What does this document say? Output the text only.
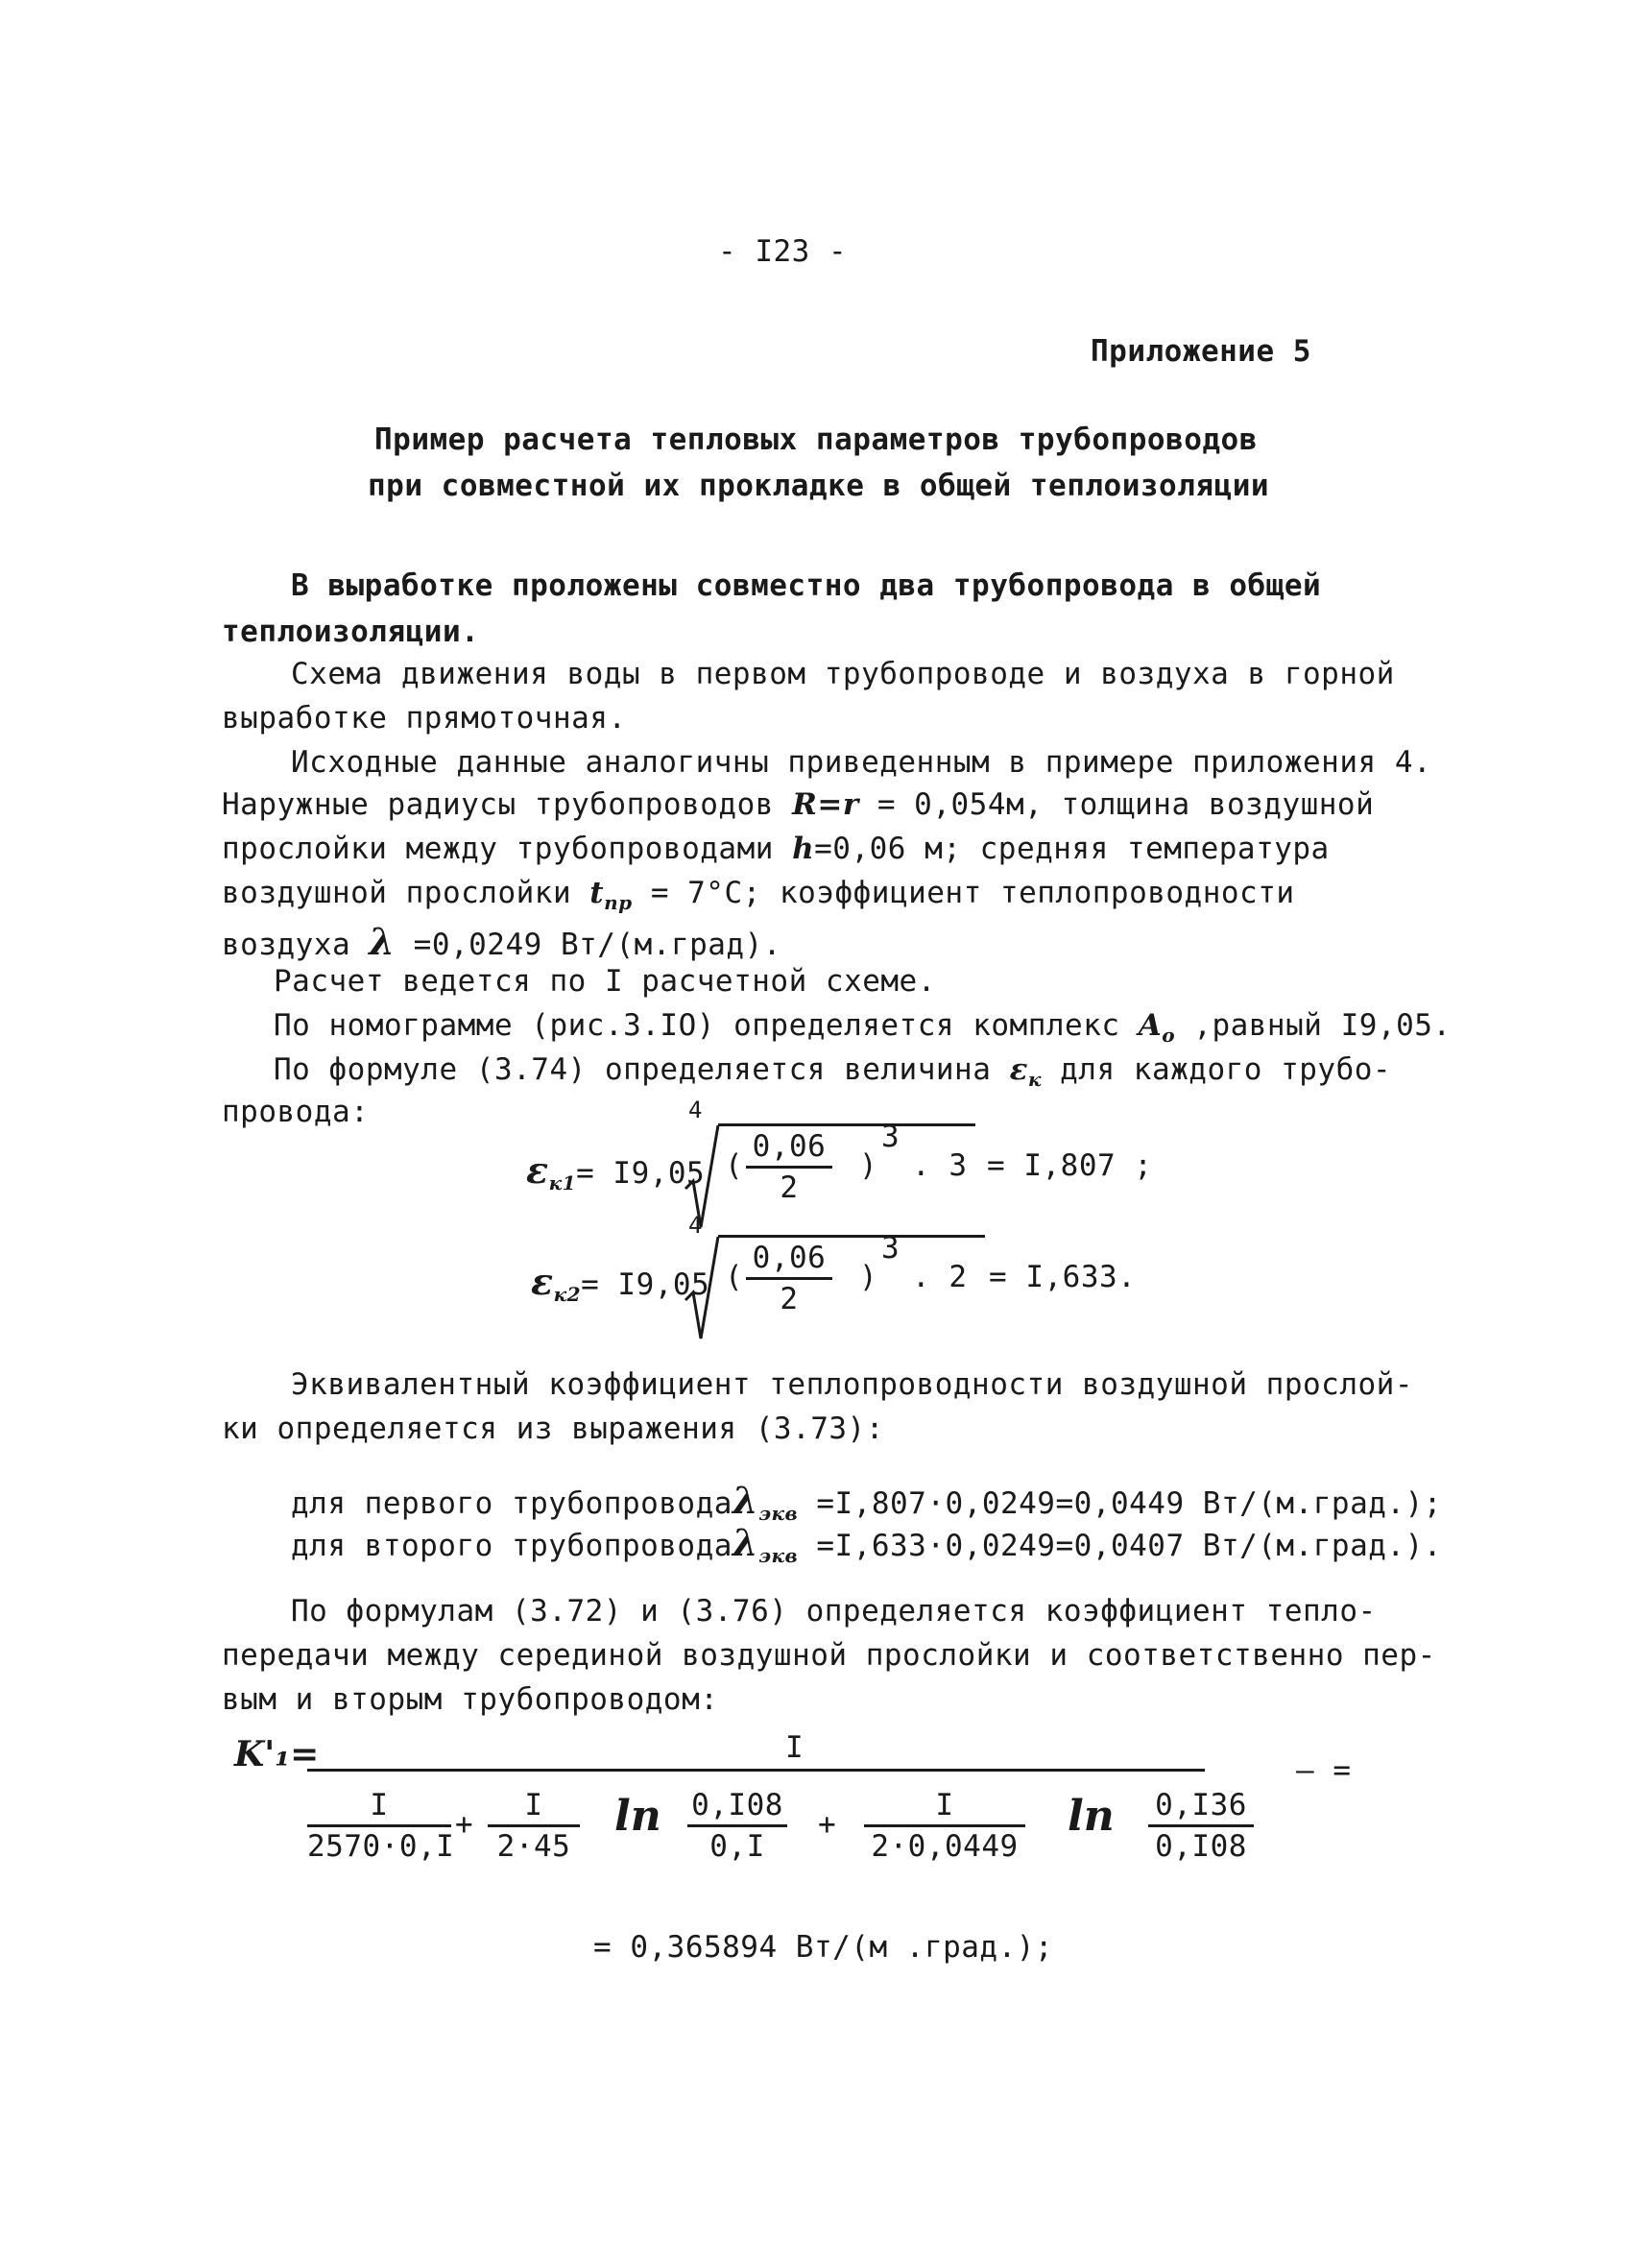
- I23 -
Приложение 5
Пример расчета тепловых параметров трубопроводов
при совместной их прокладке в общей теплоизоляции
В выработке проложены совместно два трубопровода в общей
теплоизоляции.
Схема движения воды в первом трубопроводе и воздуха в горной
выработке прямоточная.
Исходные данные аналогичны приведенным в примере приложения 4.
Наружные радиусы трубопроводов R=r = 0,054м, толщина воздушной
прослойки между трубопроводами h=0,06 м; средняя температура
воздушной прослойки $t_{пр} = 7^\circ C$; коэффициент теплопроводности
воздуха λ =0,0249 Вт/(м.град).
Расчет ведется по I расчетной схеме.
По номограмме (рис.3.IO) определяется комплекс $A_o$ ,равный I9,05.
По формуле (3.74) определяется величина $\varepsilon_к$ для каждого трубо-
провода:
$\varepsilon_{к1}= I9,05$
4
(
0,06
2
)
3
. 3 = I,807 ;
$\varepsilon_{к2}= I9,05$
4
(
0,06
2
)
3
. 2 = I,633.
Эквивалентный коэффициент теплопроводности воздушной прослой-
ки определяется из выражения (3.73):
для первого трубопроводаλ$_{экв}$ =I,807·0,0249=0,0449 Вт/(м.град.);
для второго трубопроводаλ$_{экв}$ =I,633·0,0249=0,0407 Вт/(м.град.).
По формулам (3.72) и (3.76) определяется коэффициент тепло-
передачи между серединой воздушной прослойки и соответственно пер-
вым и вторым трубопроводом:
K'₁=	I
— =
I
2570·0,I
+
I
2·45
ln 0,I08
0,I
+
I
2·0,0449
ln 0,I36
0,I08
= 0,365894 Вт/(м .град.);
